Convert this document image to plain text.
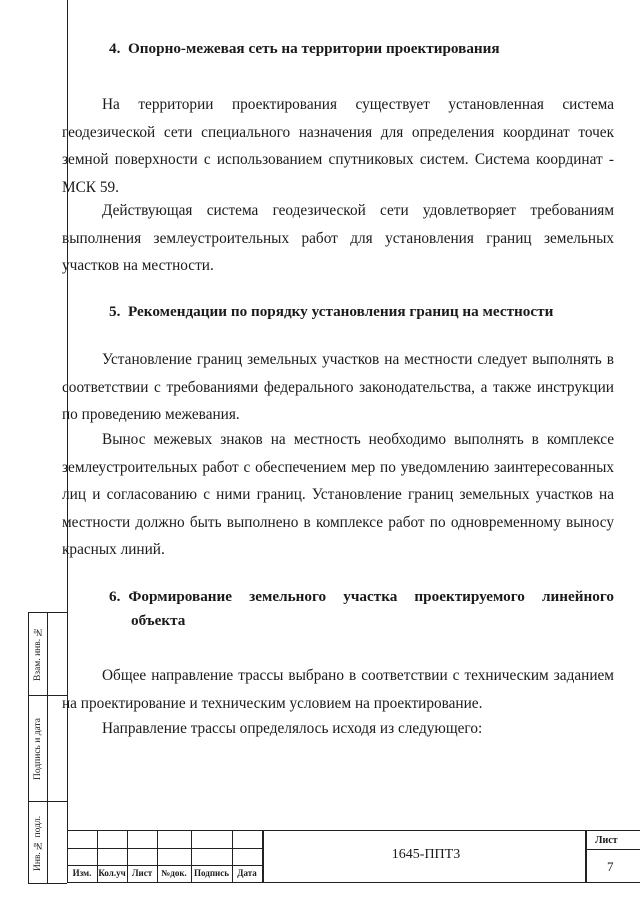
4. Опорно-межевая сеть на территории проектирования

На территории проектирования существует установленная система геодезической сети специального назначения для определения координат точек земной поверхности с использованием спутниковых систем. Система координат - МСК 59.

Действующая система геодезической сети удовлетворяет требованиям выполнения землеустроительных работ для установления границ земельных участков на местности.

5. Рекомендации по порядку установления границ на местности

Установление границ земельных участков на местности следует выполнять в соответствии с требованиями федерального законодательства, а также инструкции по проведению межевания.

Вынос межевых знаков на местность необходимо выполнять в комплексе землеустроительных работ с обеспечением мер по уведомлению заинтересованных лиц и согласованию с ними границ. Установление границ земельных участков на местности должно быть выполнено в комплексе работ по одновременному выносу красных линий.

6. Формирование земельного участка проектируемого линейного
объекта

Общее направление трассы выбрано в соответствии с техническим заданием на проектирование и техническим условием на проектирование.

Направление трассы определялось исходя из следующего:

Взам. инв. №
Подпись и дата
Инв. № подл.
Изм. Кол.уч Лист	№док. Подпись Дата
1645-ППТ3
Лист
7
